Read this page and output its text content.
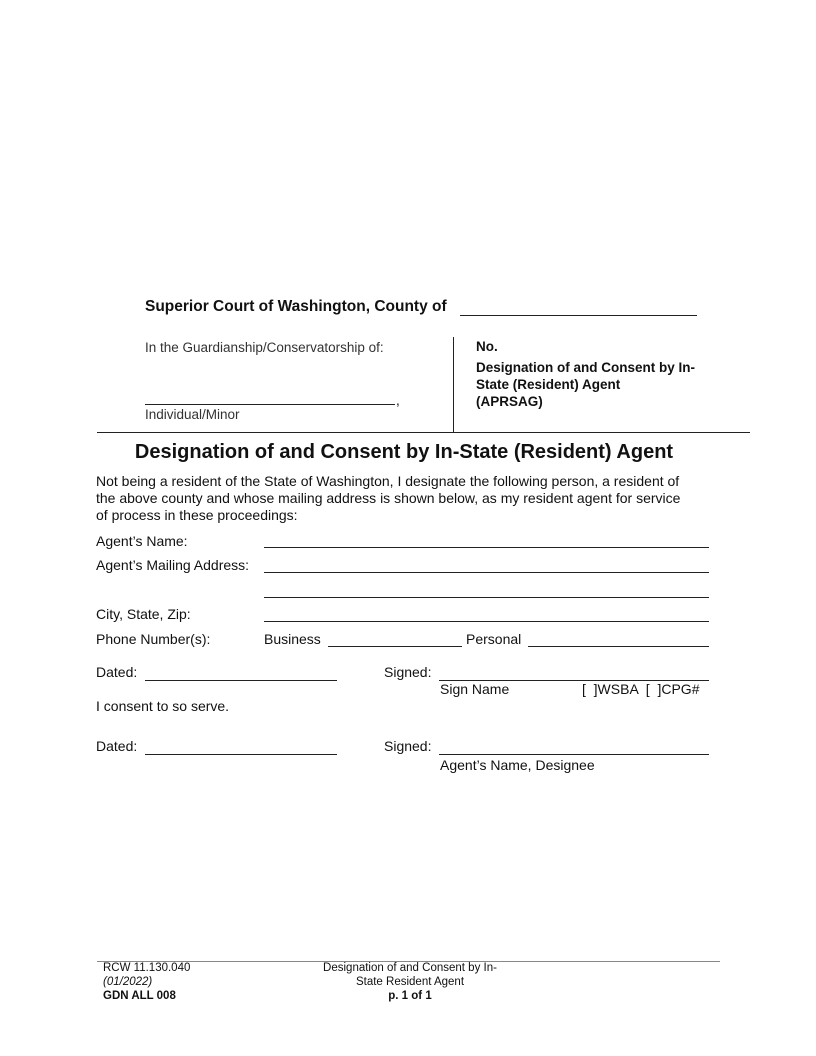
Superior Court of Washington, County of
In the Guardianship/Conservatorship of:
,
Individual/Minor
No.
Designation of and Consent by In-
State (Resident) Agent
(APRSAG)
Designation of and Consent by In-State (Resident) Agent
Not being a resident of the State of Washington, I designate the following person, a resident of
the above county and whose mailing address is shown below, as my resident agent for service
of process in these proceedings:
Agent’s Name:
Agent’s Mailing Address:
City, State, Zip:
Phone Number(s):	Business	Personal
Dated:	Signed:
Sign Name	[  ]WSBA  [  ]CPG#
I consent to so serve.
Dated:	Signed:
Agent’s Name, Designee
RCW 11.130.040
(01/2022)
GDN ALL 008
Designation of and Consent by In-
State Resident Agent
p. 1 of 1
